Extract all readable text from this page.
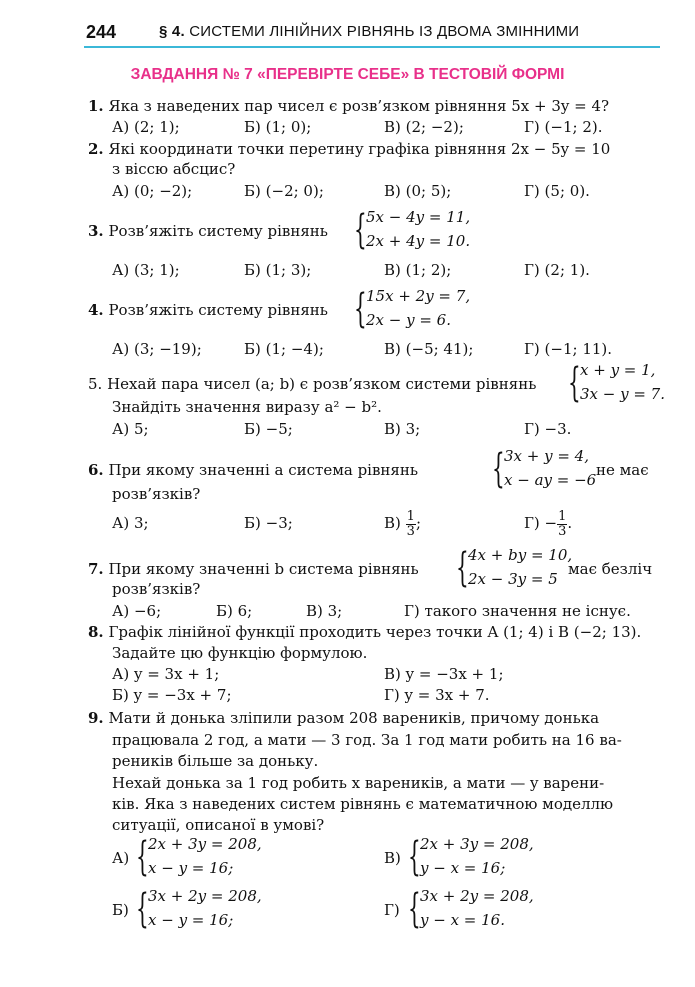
244	§ 4. СИСТЕМИ ЛІНІЙНИХ РІВНЯНЬ ІЗ ДВОМА ЗМІННИМИ
ЗАВДАННЯ № 7 «ПЕРЕВІРТЕ СЕБЕ» В ТЕСТОВІЙ ФОРМІ
1. Яка з наведених пар чисел є розв’язком рівняння 5x + 3y = 4?
А) (2; 1);	Б) (1; 0);	В) (2; −2);	Г) (−1; 2).
2. Які координати точки перетину графіка рівняння 2x − 5y = 10
з віссю абсцис?
А) (0; −2);	Б) (−2; 0);	В) (0; 5);	Г) (5; 0).
3. Розв’яжіть систему рівнянь { 5x − 4y = 11,
2x + 4y = 10.
А) (3; 1);	Б) (1; 3);	В) (1; 2);	Г) (2; 1).
4. Розв’яжіть систему рівнянь { 15x + 2y = 7,
2x − y = 6.
А) (3; −19);	Б) (1; −4);	В) (−5; 41);	Г) (−1; 11).
5. Нехай пара чисел (a; b) є розв’язком системи рівнянь
Знайдіть значення виразу a² − b².
{ x + y = 1,
3x − y = 7.
А) 5;	Б) −5;	В) 3;	Г) −3.
6. При якому значенні a система рівнянь { 3x + y = 4,
x − ay = −6
не має
розв’язків?
А) 3;	Б) −3;	$В) \frac{1}{3}$ ;	$Г) - \frac{1}{3}$ .
7. При якому значенні b система рівнянь { 4x + by = 10,
2x − 3y = 5
має безліч
розв’язків?
А) −6;	Б) 6;	В) 3;	Г) такого значення не існує.
8. Графік лінійної функції проходить через точки A (1; 4) і B (−2; 13).
Задайте цю функцію формулою.
А) y = 3x + 1;	В) y = −3x + 1;
Б) y = −3x + 7;	Г) y = 3x + 7.
9. Мати й донька зліпили разом 208 вареників, причому донька
працювала 2 год, а мати — 3 год. За 1 год мати робить на 16 ва-
реників більше за доньку.
Нехай донька за 1 год робить x вареників, а мати — y варени-
ків. Яка з наведених систем рівнянь є математичною моделлю
ситуації, описаної в умові?
А) { 2x + 3y = 208,
x − y = 16;
В) { 2x + 3y = 208,
y − x = 16;
Б) { 3x + 2y = 208,
x − y = 16;
Г) { 3x + 2y = 208,
y − x = 16.
